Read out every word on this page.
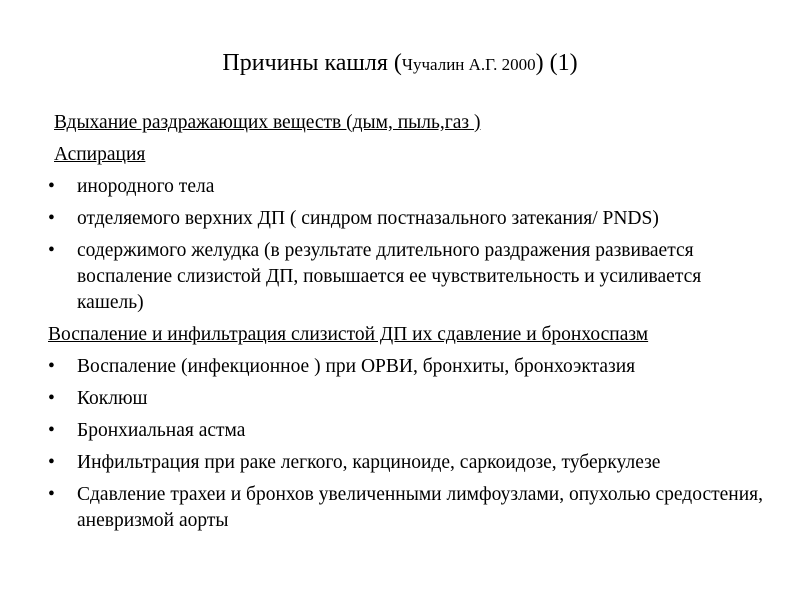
Причины кашля (Чучалин А.Г. 2000) (1)

Вдыхание раздражающих веществ (дым, пыль,газ )

Аспирация

• инородного тела
• отделяемого верхних ДП ( синдром постназального затекания/ PNDS)
• содержимого желудка (в результате длительного раздражения развивается воспаление слизистой ДП, повышается ее чувствительность и усиливается кашель)

Воспаление и инфильтрация слизистой ДП их сдавление и бронхоспазм

• Воспаление (инфекционное ) при ОРВИ, бронхиты, бронхоэктазия
• Коклюш
• Бронхиальная астма
• Инфильтрация при раке легкого, карциноиде, саркоидозе, туберкулезе
• Сдавление трахеи и бронхов увеличенными лимфоузлами, опухолью средостения, аневризмой аорты
